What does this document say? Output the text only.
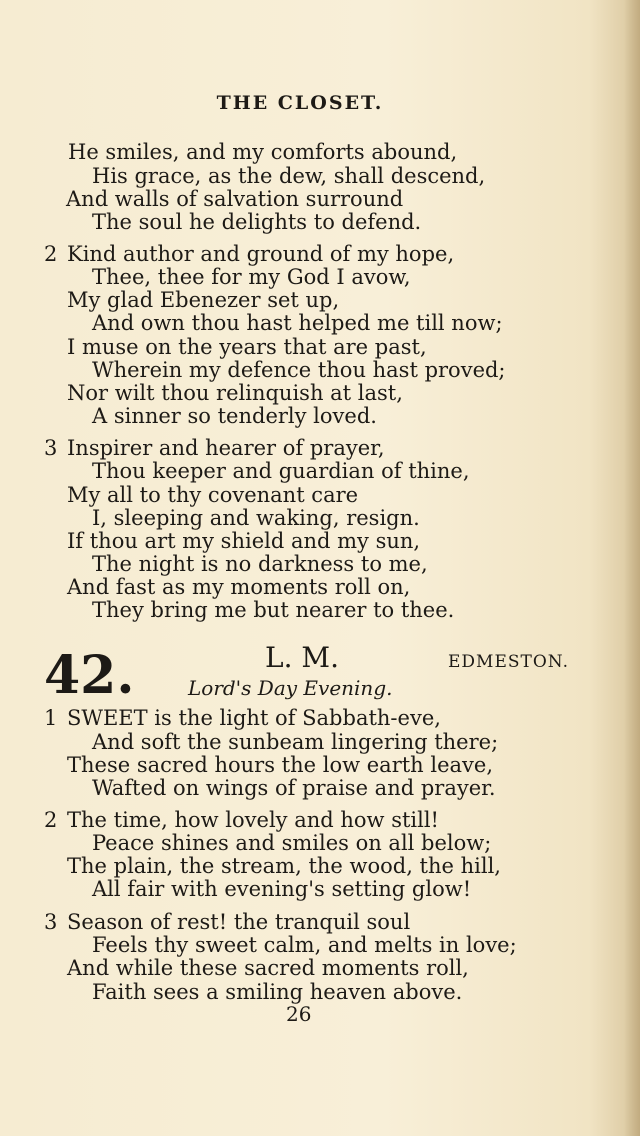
THE CLOSET.
He smiles, and my comforts abound,
His grace, as the dew, shall descend,
And walls of salvation surround
The soul he delights to defend.
2 Kind author and ground of my hope,
Thee, thee for my God I avow,
My glad Ebenezer set up,
And own thou hast helped me till now;
I muse on the years that are past,
Wherein my defence thou hast proved;
Nor wilt thou relinquish at last,
A sinner so tenderly loved.
3 Inspirer and hearer of prayer,
Thou keeper and guardian of thine,
My all to thy covenant care
I, sleeping and waking, resign.
If thou art my shield and my sun,
The night is no darkness to me,
And fast as my moments roll on,
They bring me but nearer to thee.
42.	L. M.	EDMESTON.
Lord's Day Evening.
1 SWEET is the light of Sabbath-eve,
And soft the sunbeam lingering there;
These sacred hours the low earth leave,
Wafted on wings of praise and prayer.
2 The time, how lovely and how still!
Peace shines and smiles on all below;
The plain, the stream, the wood, the hill,
All fair with evening's setting glow!
3 Season of rest! the tranquil soul
Feels thy sweet calm, and melts in love;
And while these sacred moments roll,
Faith sees a smiling heaven above.
26
